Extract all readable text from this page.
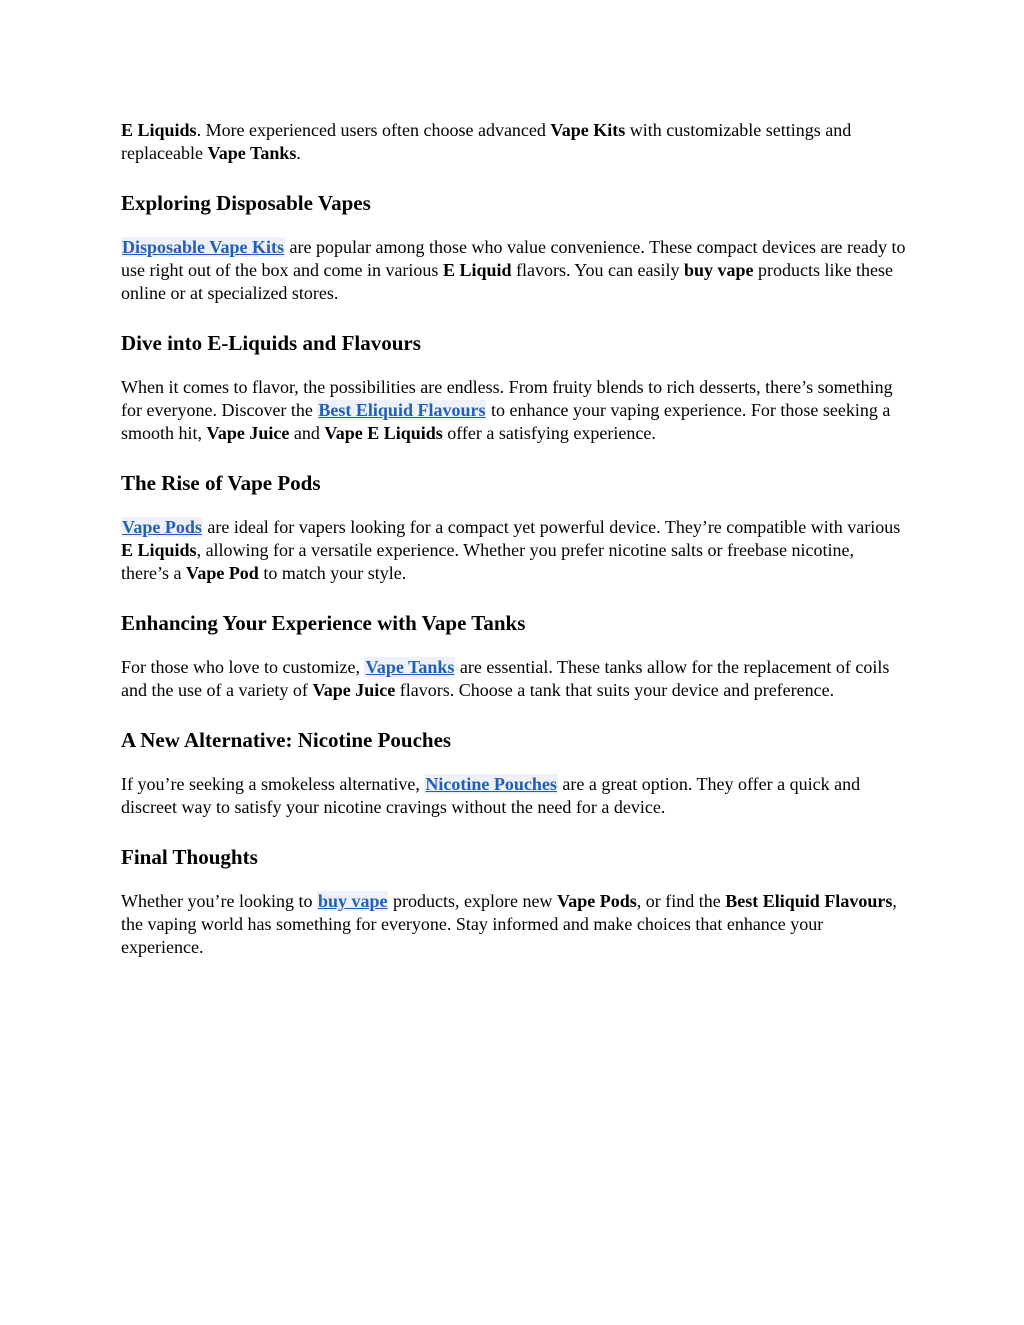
E Liquids. More experienced users often choose advanced Vape Kits with customizable settings and replaceable Vape Tanks.

Exploring Disposable Vapes

Disposable Vape Kits are popular among those who value convenience. These compact devices are ready to use right out of the box and come in various E Liquid flavors. You can easily buy vape products like these online or at specialized stores.

Dive into E-Liquids and Flavours

When it comes to flavor, the possibilities are endless. From fruity blends to rich desserts, there’s something for everyone. Discover the Best Eliquid Flavours to enhance your vaping experience. For those seeking a smooth hit, Vape Juice and Vape E Liquids offer a satisfying experience.

The Rise of Vape Pods

Vape Pods are ideal for vapers looking for a compact yet powerful device. They’re compatible with various E Liquids, allowing for a versatile experience. Whether you prefer nicotine salts or freebase nicotine, there’s a Vape Pod to match your style.

Enhancing Your Experience with Vape Tanks

For those who love to customize, Vape Tanks are essential. These tanks allow for the replacement of coils and the use of a variety of Vape Juice flavors. Choose a tank that suits your device and preference.

A New Alternative: Nicotine Pouches

If you’re seeking a smokeless alternative, Nicotine Pouches are a great option. They offer a quick and discreet way to satisfy your nicotine cravings without the need for a device.

Final Thoughts

Whether you’re looking to buy vape products, explore new Vape Pods, or find the Best Eliquid Flavours, the vaping world has something for everyone. Stay informed and make choices that enhance your experience.
